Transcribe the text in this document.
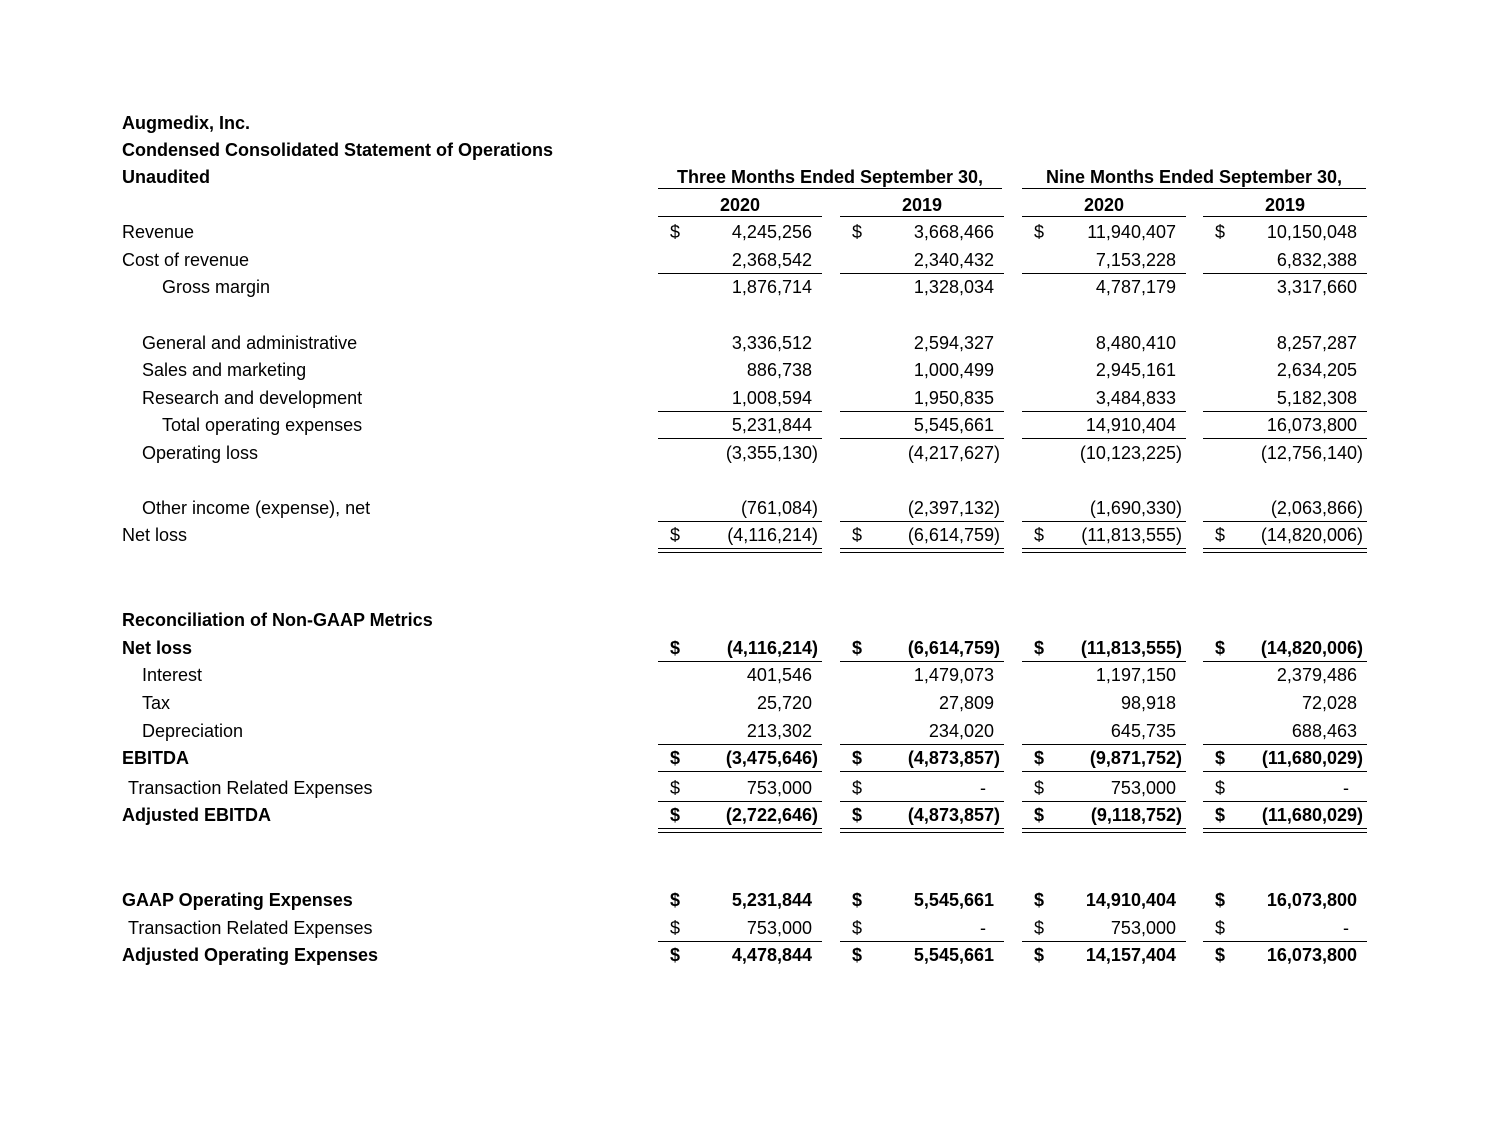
Augmedix, Inc.
Condensed Consolidated Statement of Operations
Unaudited	Three Months Ended September 30,	Nine Months Ended September 30,
2020	2019	2020	2019
Revenue	$	4,245,256 $	3,668,466 $	11,940,407 $	10,150,048
Cost of revenue	2,368,542	2,340,432	7,153,228	6,832,388
Gross margin	1,876,714	1,328,034	4,787,179	3,317,660
General and administrative	3,336,512	2,594,327	8,480,410	8,257,287
Sales and marketing	886,738	1,000,499	2,945,161	2,634,205
Research and development	1,008,594	1,950,835	3,484,833	5,182,308
Total operating expenses	5,231,844	5,545,661	14,910,404	16,073,800
Operating loss	(3,355,130)	(4,217,627)	(10,123,225)	(12,756,140)
Other income (expense), net	(761,084)	(2,397,132)	(1,690,330)	(2,063,866)
Net loss	$	(4,116,214) $	(6,614,759) $	(11,813,555) $	(14,820,006)
Net loss	$	(4,116,214) $	(6,614,759) $	(11,813,555) $	(14,820,006)
Interest	401,546	1,479,073	1,197,150	2,379,486
Tax	25,720	27,809	98,918	72,028
Depreciation	213,302	234,020	645,735	688,463
EBITDA	$	(3,475,646) $	(4,873,857) $	(9,871,752) $	(11,680,029)
Transaction Related Expenses	$	753,000 $	-	$	753,000 $	-
Adjusted EBITDA	$	(2,722,646) $	(4,873,857) $	(9,118,752) $	(11,680,029)
GAAP Operating Expenses	$	5,231,844 $	5,545,661 $	14,910,404 $	16,073,800
Transaction Related Expenses	$	753,000 $	-	$	753,000 $	-
Adjusted Operating Expenses	$	4,478,844 $	5,545,661 $	14,157,404 $	16,073,800
Reconciliation of Non-GAAP Metrics
